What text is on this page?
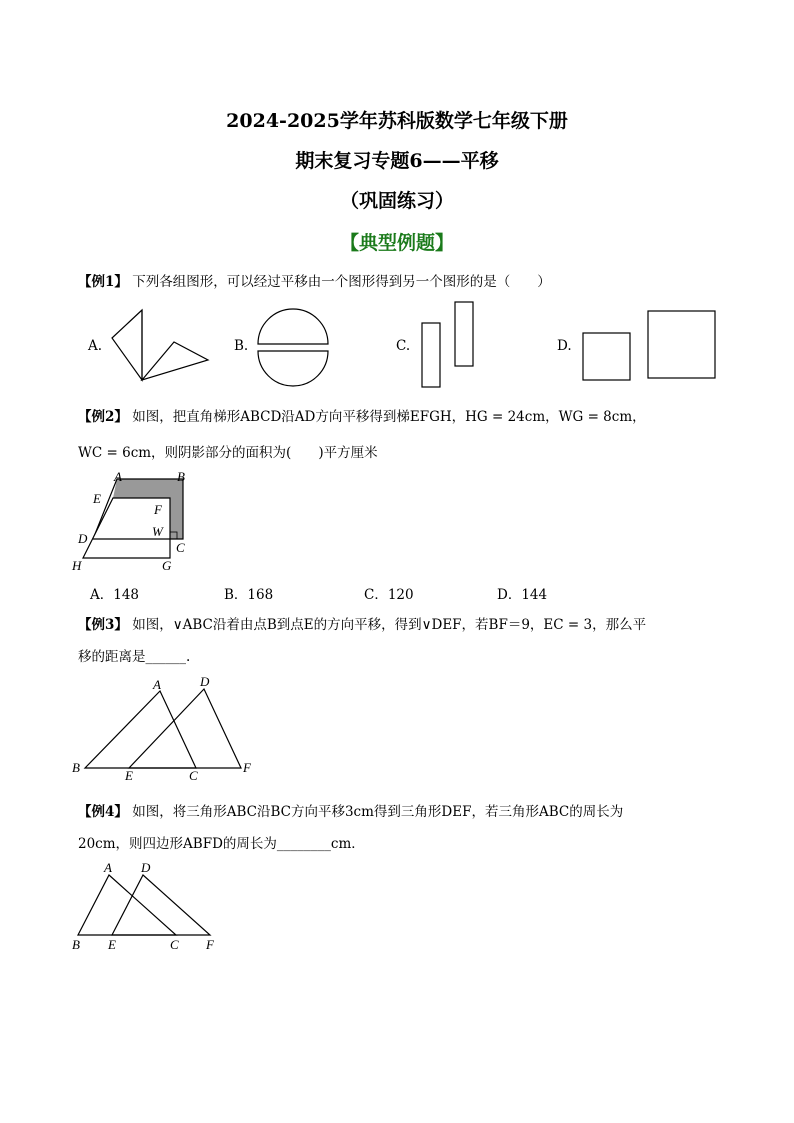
2024-2025学年苏科版数学七年级下册
期末复习专题6——平移
（巩固练习）
【典型例题】
【例1】 下列各组图形，可以经过平移由一个图形得到另一个图形的是（　　）
A.	B.	C.	D.
【例2】 如图，把直角梯形ABCD沿AD方向平移得到梯EFGH，HG = 24cm，WG = 8cm，
WC = 6cm，则阴影部分的面积为(　　)平方厘米
A	B
E
F
W
D
C
H	G
A．148	B．168	C．120	D．144
【例3】 如图，∨ABC沿着由点B到点E的方向平移，得到∨DEF，若BF＝9，EC = 3，那么平
移的距离是______.
A	D
B
E	C
F
【例4】 如图，将三角形ABC沿BC方向平移3cm得到三角形DEF，若三角形ABC的周长为
20cm，则四边形ABFD的周长为________cm．
A D
B E	C F
